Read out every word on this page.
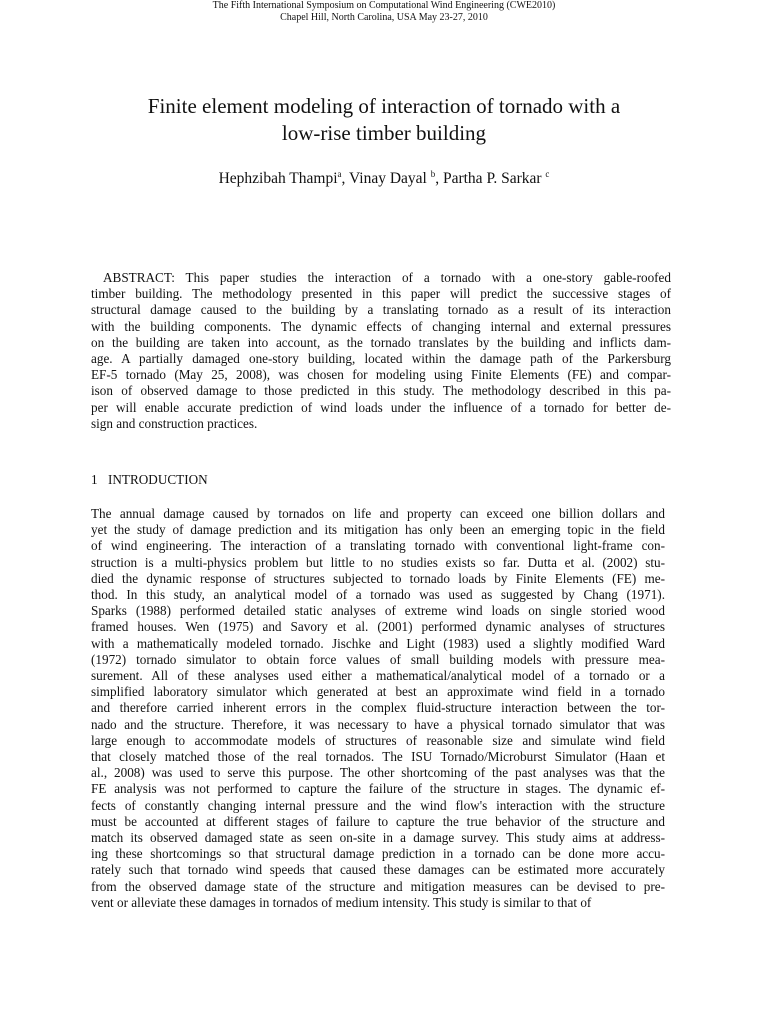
The Fifth International Symposium on Computational Wind Engineering (CWE2010)
Chapel Hill, North Carolina, USA May 23-27, 2010
Finite element modeling of interaction of tornado with a
low-rise timber building
Hephzibah Thampi$^a$, Vinay Dayal $^b$, Partha P. Sarkar $^c$
ABSTRACT: This paper studies the interaction of a tornado with a one-story gable-roofed
timber building. The methodology presented in this paper will predict the successive stages of
structural damage caused to the building by a translating tornado as a result of its interaction
with the building components. The dynamic effects of changing internal and external pressures
on the building are taken into account, as the tornado translates by the building and inflicts dam-
age. A partially damaged one-story building, located within the damage path of the Parkersburg
EF-5 tornado (May 25, 2008), was chosen for modeling using Finite Elements (FE) and compar-
ison of observed damage to those predicted in this study. The methodology described in this pa-
per will enable accurate prediction of wind loads under the influence of a tornado for better de-
sign and construction practices.
1 INTRODUCTION
The annual damage caused by tornados on life and property can exceed one billion dollars and
yet the study of damage prediction and its mitigation has only been an emerging topic in the field
of wind engineering. The interaction of a translating tornado with conventional light-frame con-
struction is a multi-physics problem but little to no studies exists so far. Dutta et al. (2002) stu-
died the dynamic response of structures subjected to tornado loads by Finite Elements (FE) me-
thod. In this study, an analytical model of a tornado was used as suggested by Chang (1971).
Sparks (1988) performed detailed static analyses of extreme wind loads on single storied wood
framed houses. Wen (1975) and Savory et al. (2001) performed dynamic analyses of structures
with a mathematically modeled tornado. Jischke and Light (1983) used a slightly modified Ward
(1972) tornado simulator to obtain force values of small building models with pressure mea-
surement. All of these analyses used either a mathematical/analytical model of a tornado or a
simplified laboratory simulator which generated at best an approximate wind field in a tornado
and therefore carried inherent errors in the complex fluid-structure interaction between the tor-
nado and the structure. Therefore, it was necessary to have a physical tornado simulator that was
large enough to accommodate models of structures of reasonable size and simulate wind field
that closely matched those of the real tornados. The ISU Tornado/Microburst Simulator (Haan et
al., 2008) was used to serve this purpose. The other shortcoming of the past analyses was that the
FE analysis was not performed to capture the failure of the structure in stages. The dynamic ef-
fects of constantly changing internal pressure and the wind flow's interaction with the structure
must be accounted at different stages of failure to capture the true behavior of the structure and
match its observed damaged state as seen on-site in a damage survey. This study aims at address-
ing these shortcomings so that structural damage prediction in a tornado can be done more accu-
rately such that tornado wind speeds that caused these damages can be estimated more accurately
from the observed damage state of the structure and mitigation measures can be devised to pre-
vent or alleviate these damages in tornados of medium intensity. This study is similar to that of
